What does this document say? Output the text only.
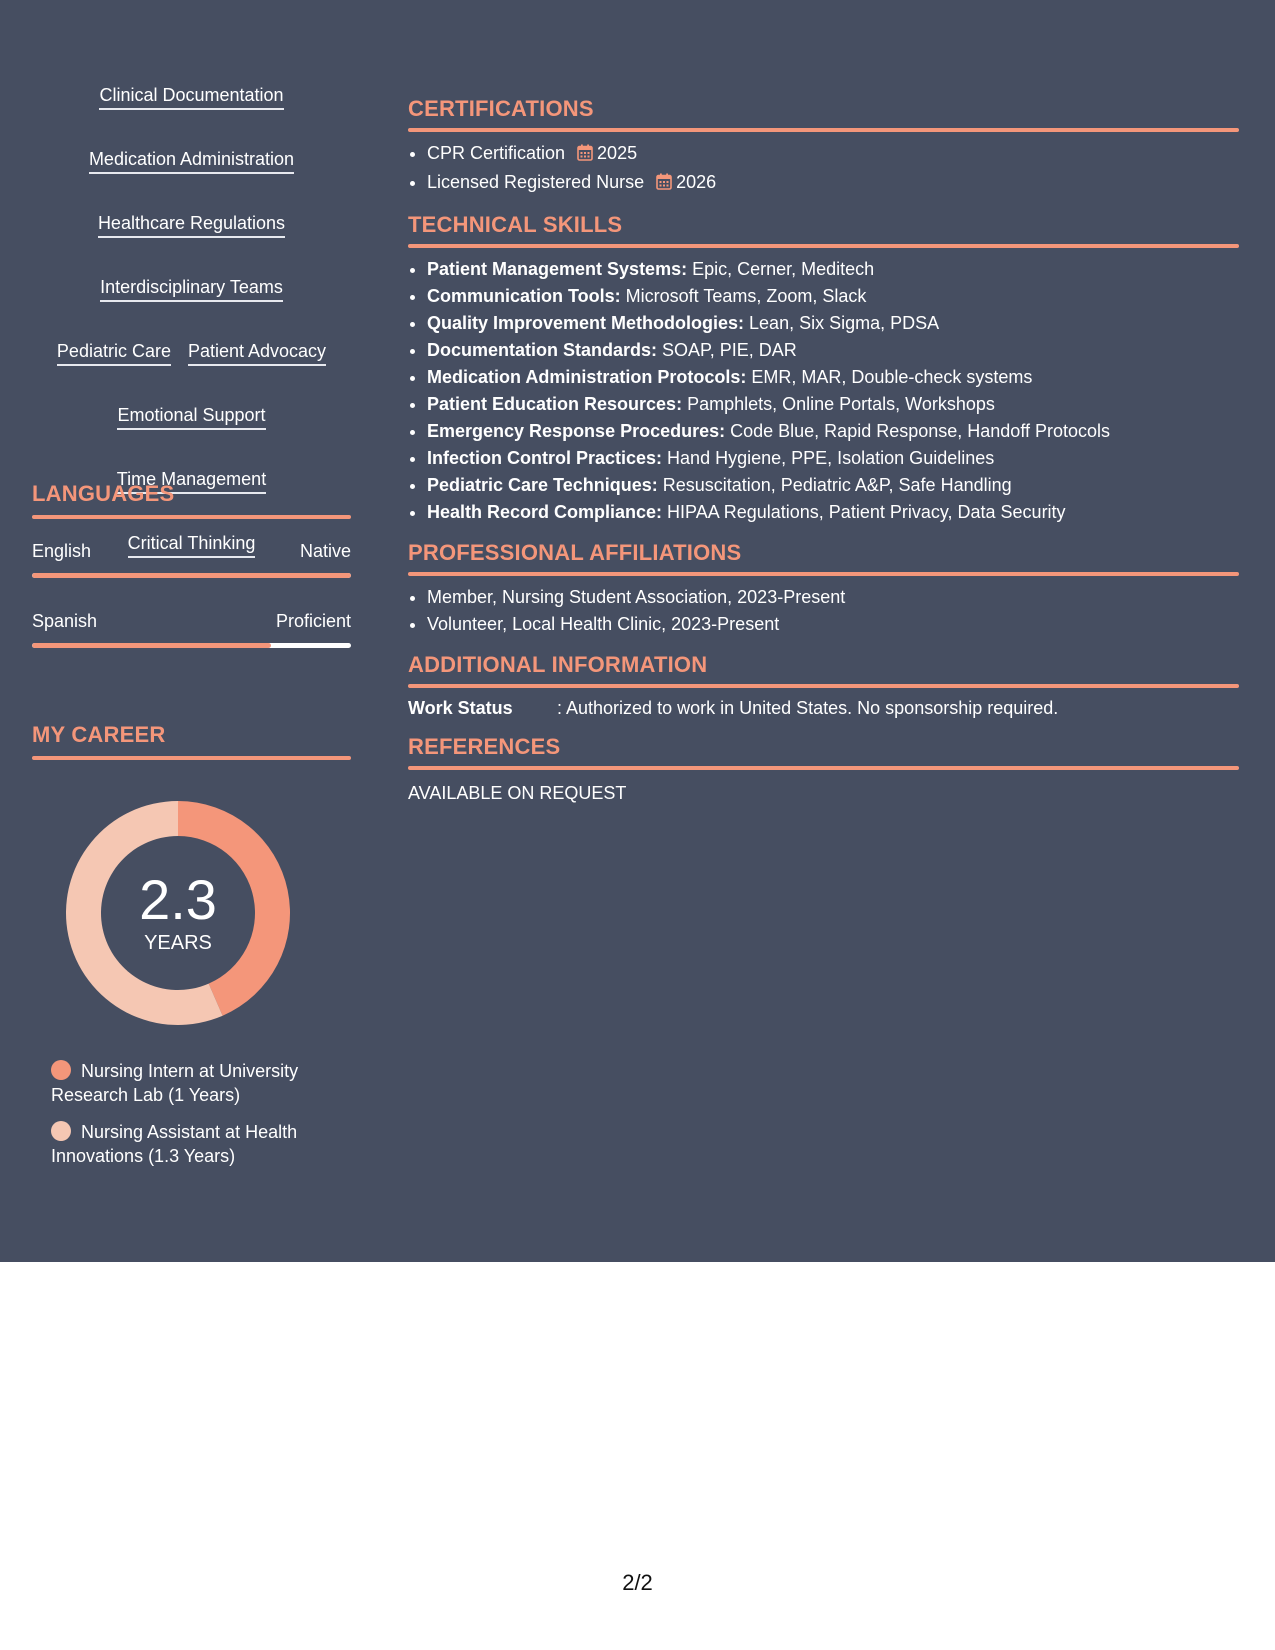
Clinical Documentation
Medication Administration
Healthcare Regulations
Interdisciplinary Teams
Pediatric Care Patient Advocacy
Emotional Support
Time Management
Critical Thinking
LANGUAGES
English	Native
Spanish	Proficient
MY CAREER
2.3
YEARS
Nursing Intern at University Research Lab (1 Years)
Nursing Assistant at Health Innovations (1.3 Years)
CERTIFICATIONS
• CPR Certification 2025
• Licensed Registered Nurse 2026
TECHNICAL SKILLS
• Patient Management Systems: Epic, Cerner, Meditech
• Communication Tools: Microsoft Teams, Zoom, Slack
• Quality Improvement Methodologies: Lean, Six Sigma, PDSA
• Documentation Standards: SOAP, PIE, DAR
• Medication Administration Protocols: EMR, MAR, Double-check systems
• Patient Education Resources: Pamphlets, Online Portals, Workshops
• Emergency Response Procedures: Code Blue, Rapid Response, Handoff Protocols
• Infection Control Practices: Hand Hygiene, PPE, Isolation Guidelines
• Pediatric Care Techniques: Resuscitation, Pediatric A&P, Safe Handling
• Health Record Compliance: HIPAA Regulations, Patient Privacy, Data Security
PROFESSIONAL AFFILIATIONS
• Member, Nursing Student Association, 2023-Present
• Volunteer, Local Health Clinic, 2023-Present
ADDITIONAL INFORMATION
Work Status	: Authorized to work in United States. No sponsorship required.
REFERENCES
AVAILABLE ON REQUEST
2/2
